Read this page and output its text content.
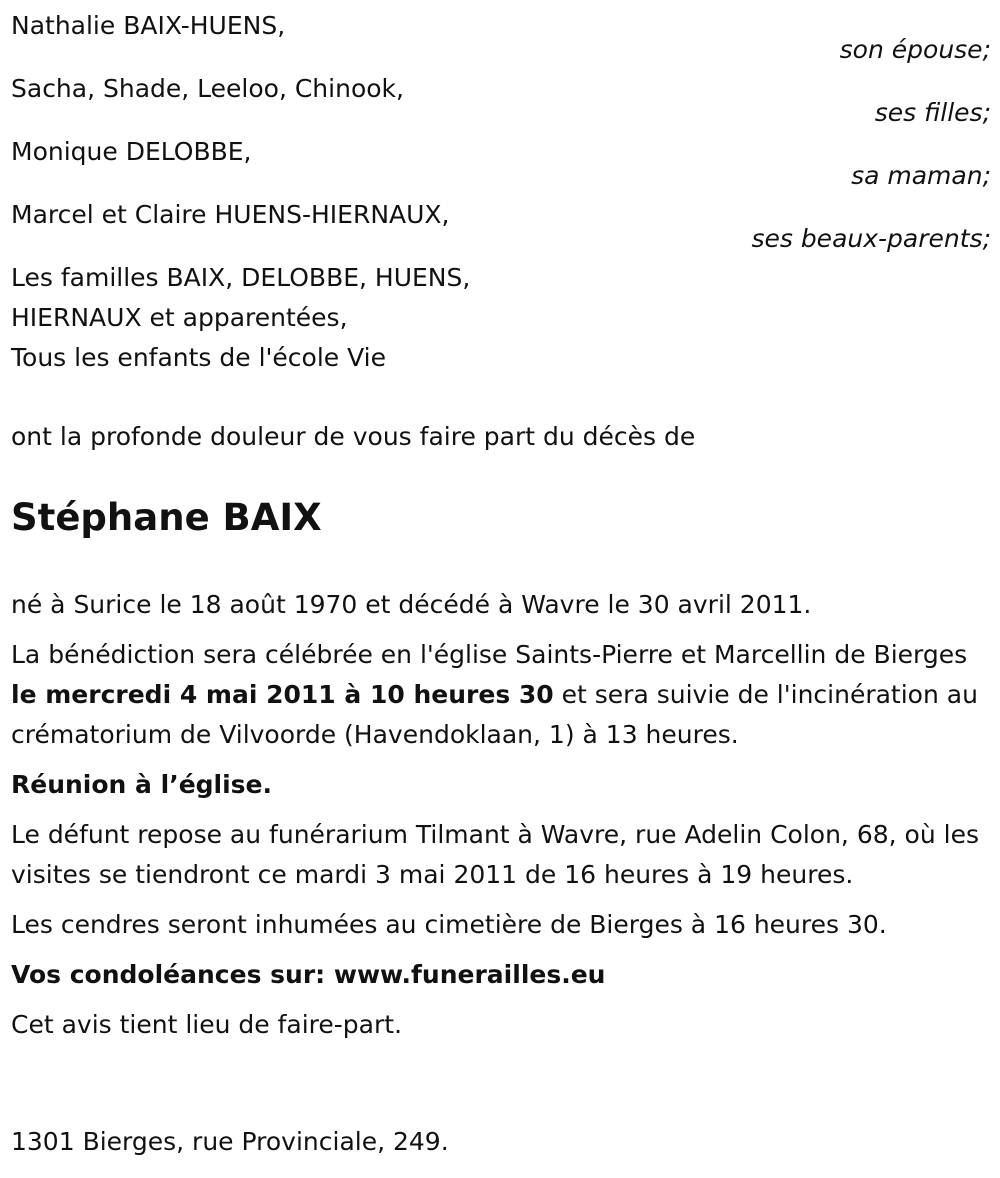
Nathalie BAIX-HUENS,
son épouse;
Sacha, Shade, Leeloo, Chinook,
ses filles;
Monique DELOBBE,
sa maman;
Marcel et Claire HUENS-HIERNAUX,
ses beaux-parents;
Les familles BAIX, DELOBBE, HUENS,
HIERNAUX et apparentées,
Tous les enfants de l'école Vie
ont la profonde douleur de vous faire part du décès de
Stéphane BAIX

né à Surice le 18 août 1970 et décédé à Wavre le 30 avril 2011.

La bénédiction sera célébrée en l'église Saints-Pierre et Marcellin de Bierges le mercredi 4 mai 2011 à 10 heures 30 et sera suivie de l'incinération au crématorium de Vilvoorde (Havendoklaan, 1) à 13 heures.

Réunion à l’église.

Le défunt repose au funérarium Tilmant à Wavre, rue Adelin Colon, 68, où les visites se tiendront ce mardi 3 mai 2011 de 16 heures à 19 heures.

Les cendres seront inhumées au cimetière de Bierges à 16 heures 30.

Vos condoléances sur: www.funerailles.eu

Cet avis tient lieu de faire-part.

1301 Bierges, rue Provinciale, 249.
